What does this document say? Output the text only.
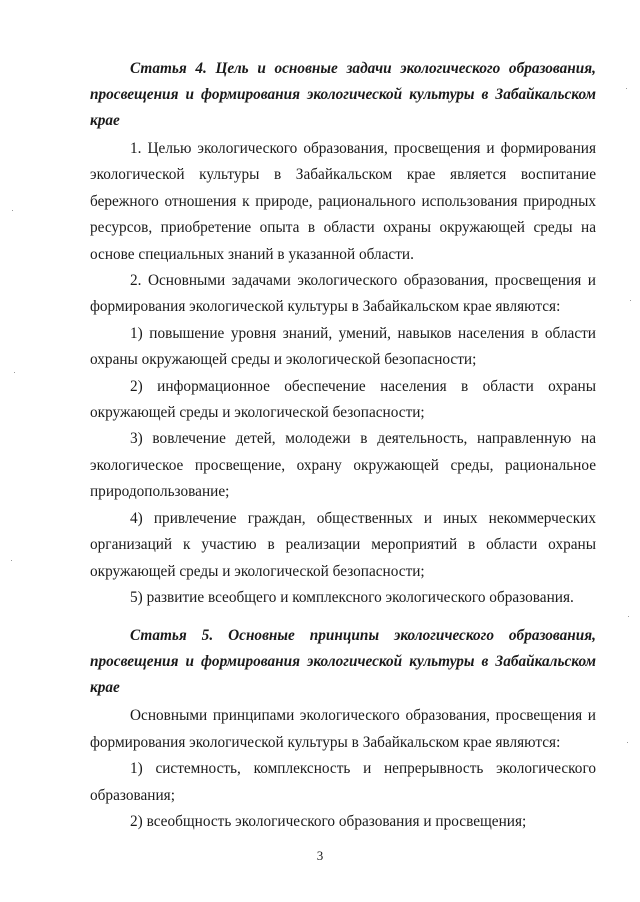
Статья 4. Цель и основные задачи экологического образования, просвещения и формирования экологической культуры в Забайкальском крае

1. Целью экологического образования, просвещения и формирования экологической культуры в Забайкальском крае является воспитание бережного отношения к природе, рационального использования природных ресурсов, приобретение опыта в области охраны окружающей среды на основе специальных знаний в указанной области.

2. Основными задачами экологического образования, просвещения и формирования экологической культуры в Забайкальском крае являются:

1) повышение уровня знаний, умений, навыков населения в области охраны окружающей среды и экологической безопасности;

2) информационное обеспечение населения в области охраны окружающей среды и экологической безопасности;

3) вовлечение детей, молодежи в деятельность, направленную на экологическое просвещение, охрану окружающей среды, рациональное природопользование;

4) привлечение граждан, общественных и иных некоммерческих организаций к участию в реализации мероприятий в области охраны окружающей среды и экологической безопасности;

5) развитие всеобщего и комплексного экологического образования.

Статья 5. Основные принципы экологического образования, просвещения и формирования экологической культуры в Забайкальском крае

Основными принципами экологического образования, просвещения и формирования экологической культуры в Забайкальском крае являются:

1) системность, комплексность и непрерывность экологического образования;

2) всеобщность экологического образования и просвещения;

3
